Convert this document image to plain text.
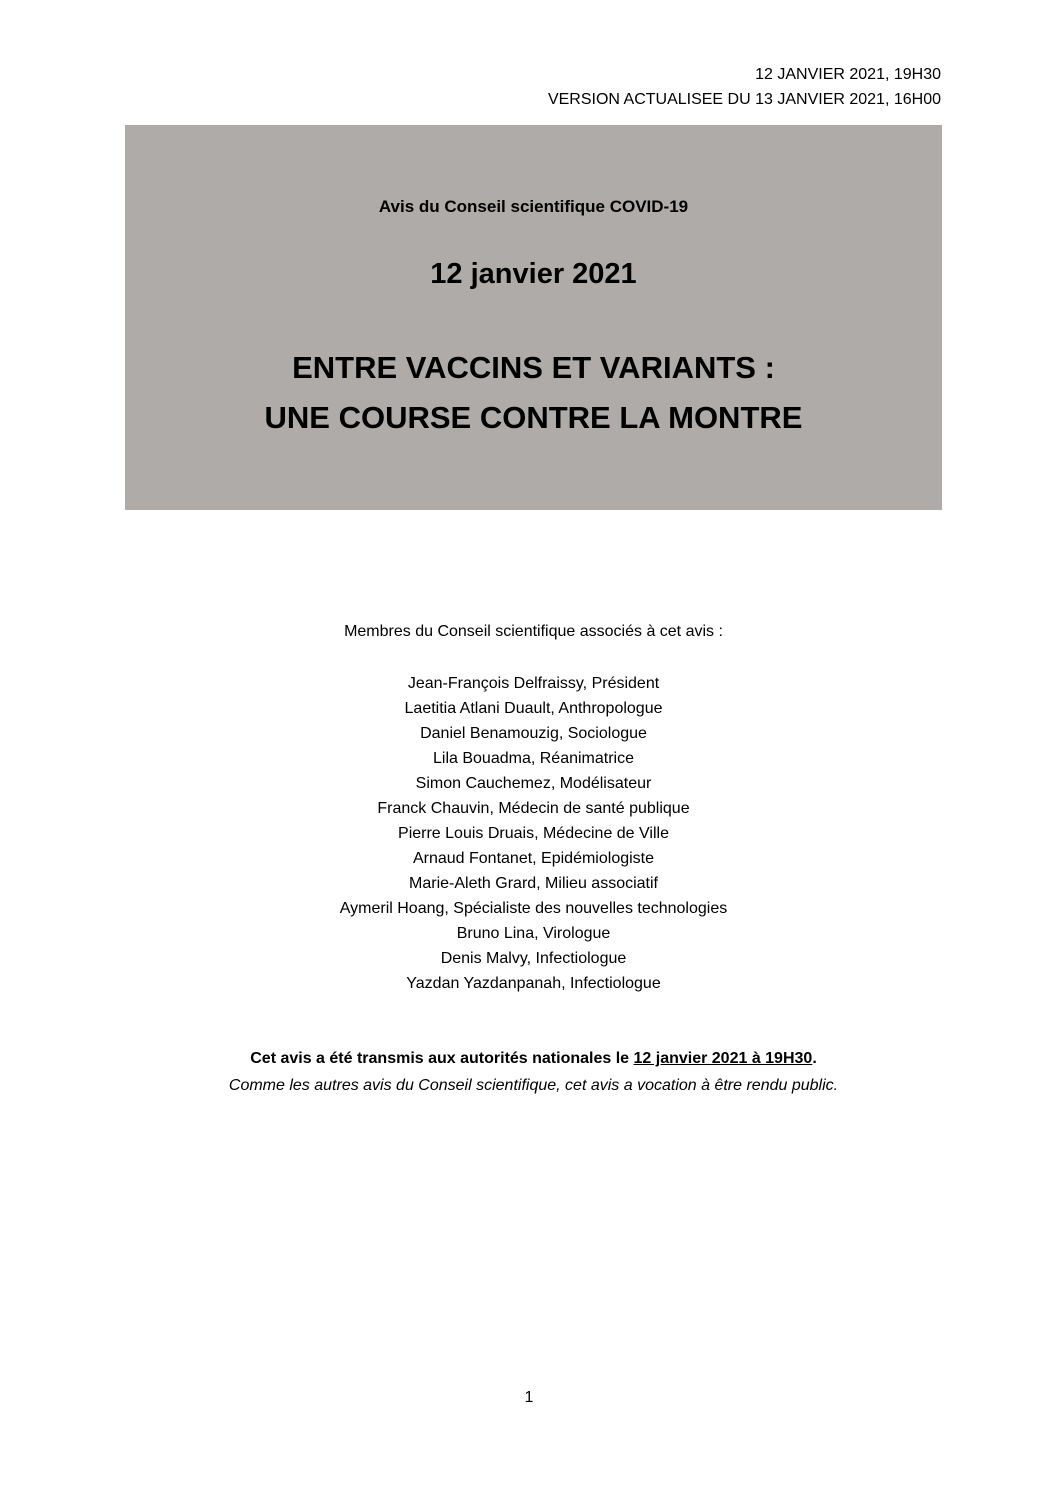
12 JANVIER 2021, 19H30
VERSION ACTUALISEE DU 13 JANVIER 2021, 16H00
Avis du Conseil scientifique COVID-19
12 janvier 2021
ENTRE VACCINS ET VARIANTS :
UNE COURSE CONTRE LA MONTRE
Membres du Conseil scientifique associés à cet avis :
Jean-François Delfraissy, Président
Laetitia Atlani Duault, Anthropologue
Daniel Benamouzig, Sociologue
Lila Bouadma, Réanimatrice
Simon Cauchemez, Modélisateur
Franck Chauvin, Médecin de santé publique
Pierre Louis Druais, Médecine de Ville
Arnaud Fontanet, Epidémiologiste
Marie-Aleth Grard, Milieu associatif
Aymeril Hoang, Spécialiste des nouvelles technologies
Bruno Lina, Virologue
Denis Malvy, Infectiologue
Yazdan Yazdanpanah, Infectiologue
Cet avis a été transmis aux autorités nationales le 12 janvier 2021 à 19H30.
Comme les autres avis du Conseil scientifique, cet avis a vocation à être rendu public.
1
